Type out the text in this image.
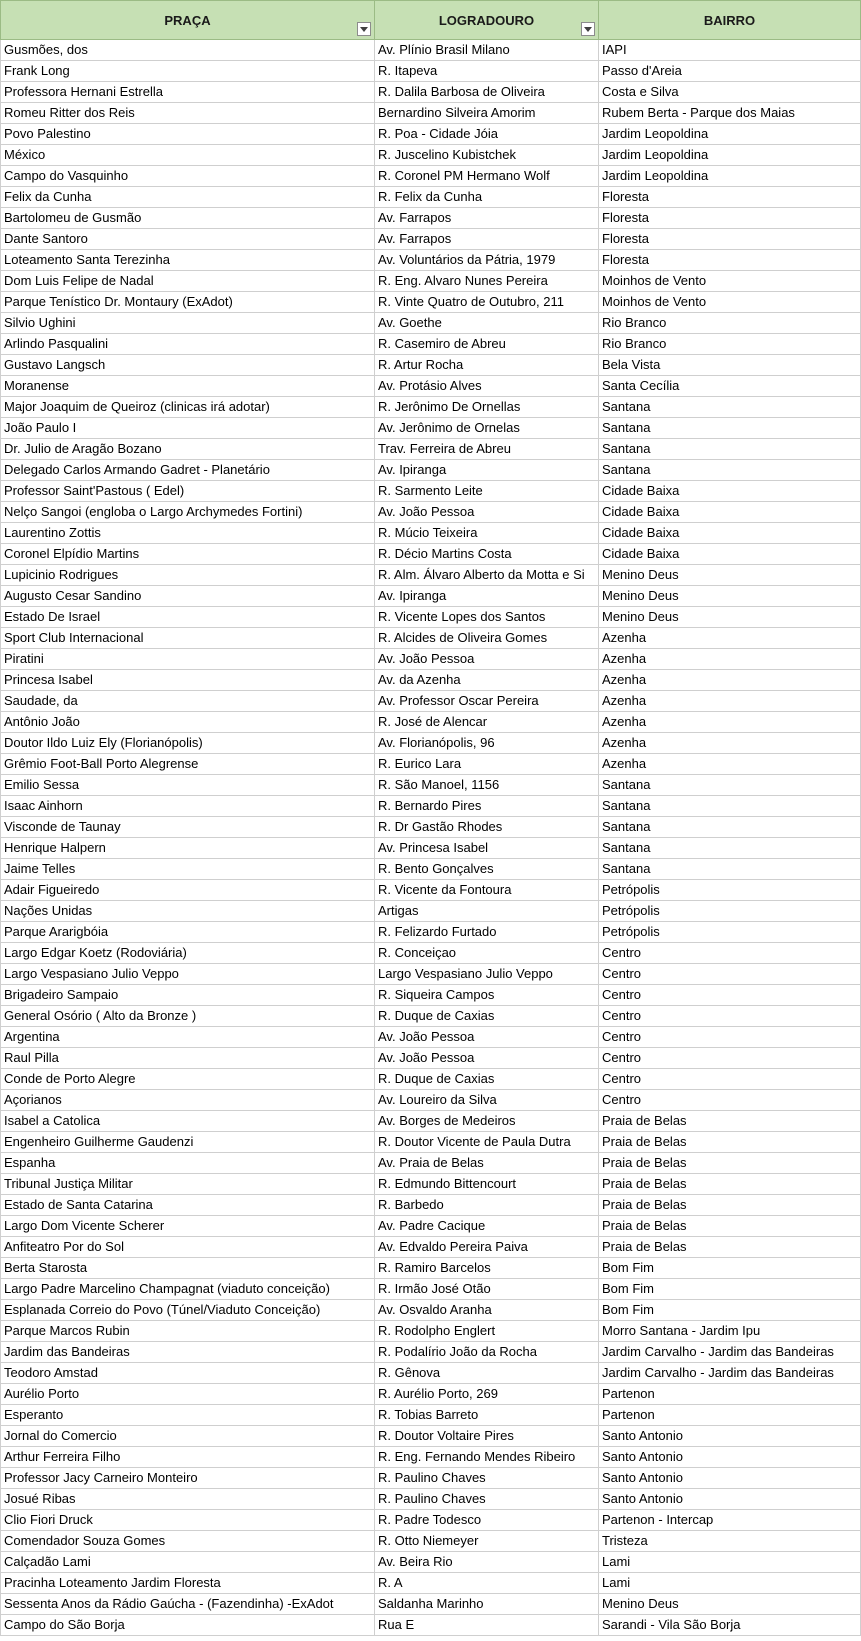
PRAÇA	LOGRADOURO	BAIRRO
Gusmões, dos	Av. Plínio Brasil Milano	IAPI
Frank Long	R. Itapeva	Passo d'Areia
Professora Hernani Estrella	R. Dalila Barbosa de Oliveira	Costa e Silva
Romeu Ritter dos Reis	Bernardino Silveira Amorim	Rubem Berta - Parque dos Maias
Povo Palestino	R. Poa - Cidade Jóia	Jardim Leopoldina
México	R. Juscelino Kubistchek	Jardim Leopoldina
Campo do Vasquinho	R. Coronel PM Hermano Wolf	Jardim Leopoldina
Felix da Cunha	R. Felix da Cunha	Floresta
Bartolomeu de Gusmão	Av. Farrapos	Floresta
Dante Santoro	Av. Farrapos	Floresta
Loteamento Santa Terezinha	Av. Voluntários da Pátria, 1979	Floresta
Dom Luis Felipe de Nadal	R. Eng. Alvaro Nunes Pereira	Moinhos de Vento
Parque Tenístico Dr. Montaury (ExAdot)	R. Vinte Quatro de Outubro, 211	Moinhos de Vento
Silvio Ughini	Av. Goethe	Rio Branco
Arlindo Pasqualini	R. Casemiro de Abreu	Rio Branco
Gustavo Langsch	R. Artur Rocha	Bela Vista
Moranense	Av. Protásio Alves	Santa Cecília
Major Joaquim de Queiroz (clinicas irá adotar)	R. Jerônimo De Ornellas	Santana
João Paulo I	Av. Jerônimo de Ornelas	Santana
Dr. Julio de Aragão Bozano	Trav. Ferreira de Abreu	Santana
Delegado Carlos Armando Gadret - Planetário	Av. Ipiranga	Santana
Professor Saint'Pastous ( Edel)	R. Sarmento Leite	Cidade Baixa
Nelço Sangoi (engloba o Largo Archymedes Fortini)	Av. João Pessoa	Cidade Baixa
Laurentino Zottis	R. Múcio Teixeira	Cidade Baixa
Coronel Elpídio Martins	R. Décio Martins Costa	Cidade Baixa
Lupicinio Rodrigues	R. Alm. Álvaro Alberto da Motta e Si	Menino Deus
Augusto Cesar Sandino	Av. Ipiranga	Menino Deus
Estado De Israel	R. Vicente Lopes dos Santos	Menino Deus
Sport Club Internacional	R. Alcides de Oliveira Gomes	Azenha
Piratini	Av. João Pessoa	Azenha
Princesa Isabel	Av. da Azenha	Azenha
Saudade, da	Av. Professor Oscar Pereira	Azenha
Antônio João	R. José de Alencar	Azenha
Doutor Ildo Luiz Ely (Florianópolis)	Av. Florianópolis, 96	Azenha
Grêmio Foot-Ball Porto Alegrense	R. Eurico Lara	Azenha
Emilio Sessa	R. São Manoel, 1156	Santana
Isaac Ainhorn	R. Bernardo Pires	Santana
Visconde de Taunay	R. Dr Gastão Rhodes	Santana
Henrique Halpern	Av. Princesa Isabel	Santana
Jaime Telles	R. Bento Gonçalves	Santana
Adair Figueiredo	R. Vicente da Fontoura	Petrópolis
Nações Unidas	Artigas	Petrópolis
Parque Ararigbóia	R. Felizardo Furtado	Petrópolis
Largo Edgar Koetz (Rodoviária)	R. Conceiçao	Centro
Largo Vespasiano Julio Veppo	Largo Vespasiano Julio Veppo	Centro
Brigadeiro Sampaio	R. Siqueira Campos	Centro
General Osório ( Alto da Bronze )	R. Duque de Caxias	Centro
Argentina	Av. João Pessoa	Centro
Raul Pilla	Av. João Pessoa	Centro
Conde de Porto Alegre	R. Duque de Caxias	Centro
Açorianos	Av. Loureiro da Silva	Centro
Isabel a Catolica	Av. Borges de Medeiros	Praia de Belas
Engenheiro Guilherme Gaudenzi	R. Doutor Vicente de Paula Dutra	Praia de Belas
Espanha	Av. Praia de Belas	Praia de Belas
Tribunal Justiça Militar	R. Edmundo Bittencourt	Praia de Belas
Estado de Santa Catarina	R. Barbedo	Praia de Belas
Largo Dom Vicente Scherer	Av. Padre Cacique	Praia de Belas
Anfiteatro Por do Sol	Av. Edvaldo Pereira Paiva	Praia de Belas
Berta Starosta	R. Ramiro Barcelos	Bom Fim
Largo Padre Marcelino Champagnat (viaduto conceição)	R. Irmão José Otão	Bom Fim
Esplanada Correio do Povo (Túnel/Viaduto Conceição)	Av. Osvaldo Aranha	Bom Fim
Parque Marcos Rubin	R. Rodolpho Englert	Morro Santana - Jardim Ipu
Jardim das Bandeiras	R. Podalírio João da Rocha	Jardim Carvalho - Jardim das Bandeiras
Teodoro Amstad	R. Gênova	Jardim Carvalho - Jardim das Bandeiras
Aurélio Porto	R. Aurélio Porto, 269	Partenon
Esperanto	R. Tobias Barreto	Partenon
Jornal do Comercio	R. Doutor Voltaire Pires	Santo Antonio
Arthur Ferreira Filho	R. Eng. Fernando Mendes Ribeiro	Santo Antonio
Professor Jacy Carneiro Monteiro	R. Paulino Chaves	Santo Antonio
Josué Ribas	R. Paulino Chaves	Santo Antonio
Clio Fiori Druck	R. Padre Todesco	Partenon - Intercap
Comendador Souza Gomes	R. Otto Niemeyer	Tristeza
Calçadão Lami	Av. Beira Rio	Lami
Pracinha Loteamento Jardim Floresta	R. A	Lami
Sessenta Anos da Rádio Gaúcha - (Fazendinha) -ExAdot	Saldanha Marinho	Menino Deus
Campo do São Borja	Rua E	Sarandi - Vila São Borja
